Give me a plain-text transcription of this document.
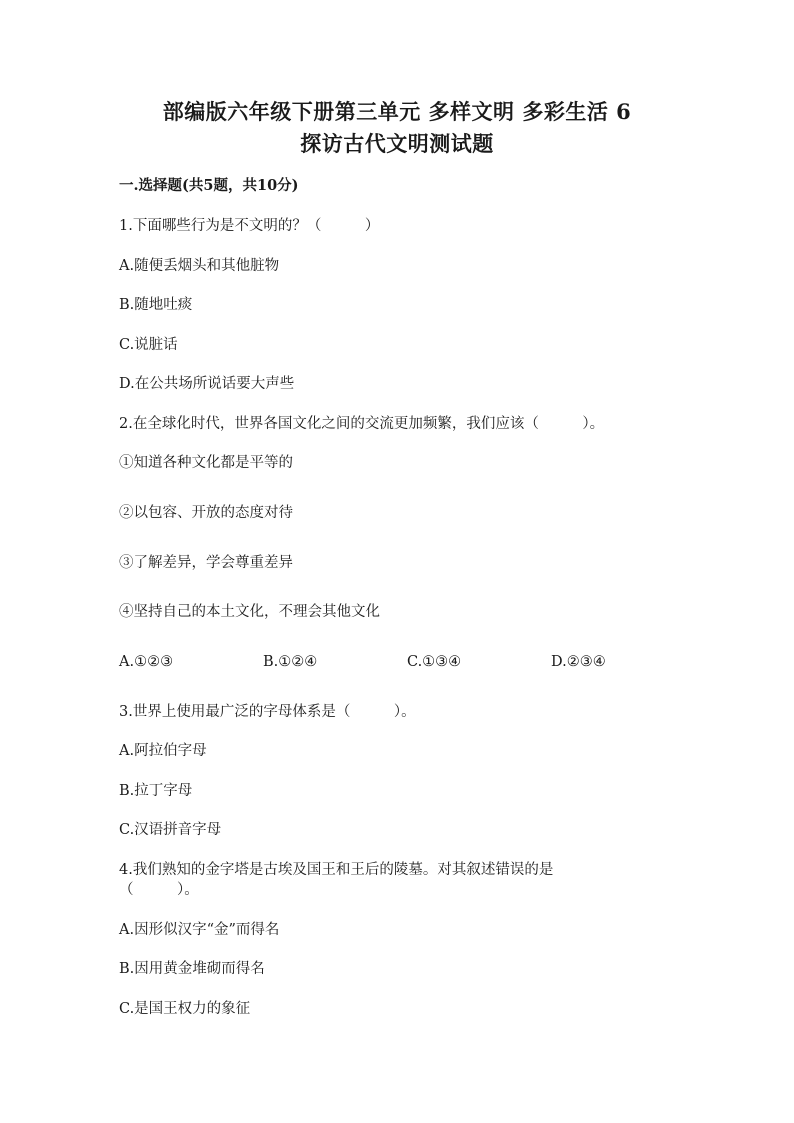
部编版六年级下册第三单元 多样文明 多彩生活 6
探访古代文明测试题
一.选择题(共5题，共10分)
1.下面哪些行为是不文明的？（　　　）
A.随便丢烟头和其他脏物
B.随地吐痰
C.说脏话
D.在公共场所说话要大声些
2.在全球化时代，世界各国文化之间的交流更加频繁，我们应该（　　　）。
①知道各种文化都是平等的
②以包容、开放的态度对待
③了解差异，学会尊重差异
④坚持自己的本土文化，不理会其他文化
A.①②③	B.①②④	C.①③④	D.②③④
3.世界上使用最广泛的字母体系是（　　　）。
A.阿拉伯字母
B.拉丁字母
C.汉语拼音字母
4.我们熟知的金字塔是古埃及国王和王后的陵墓。对其叙述错误的是
（　　　）。
A.因形似汉字“金”而得名
B.因用黄金堆砌而得名
C.是国王权力的象征
